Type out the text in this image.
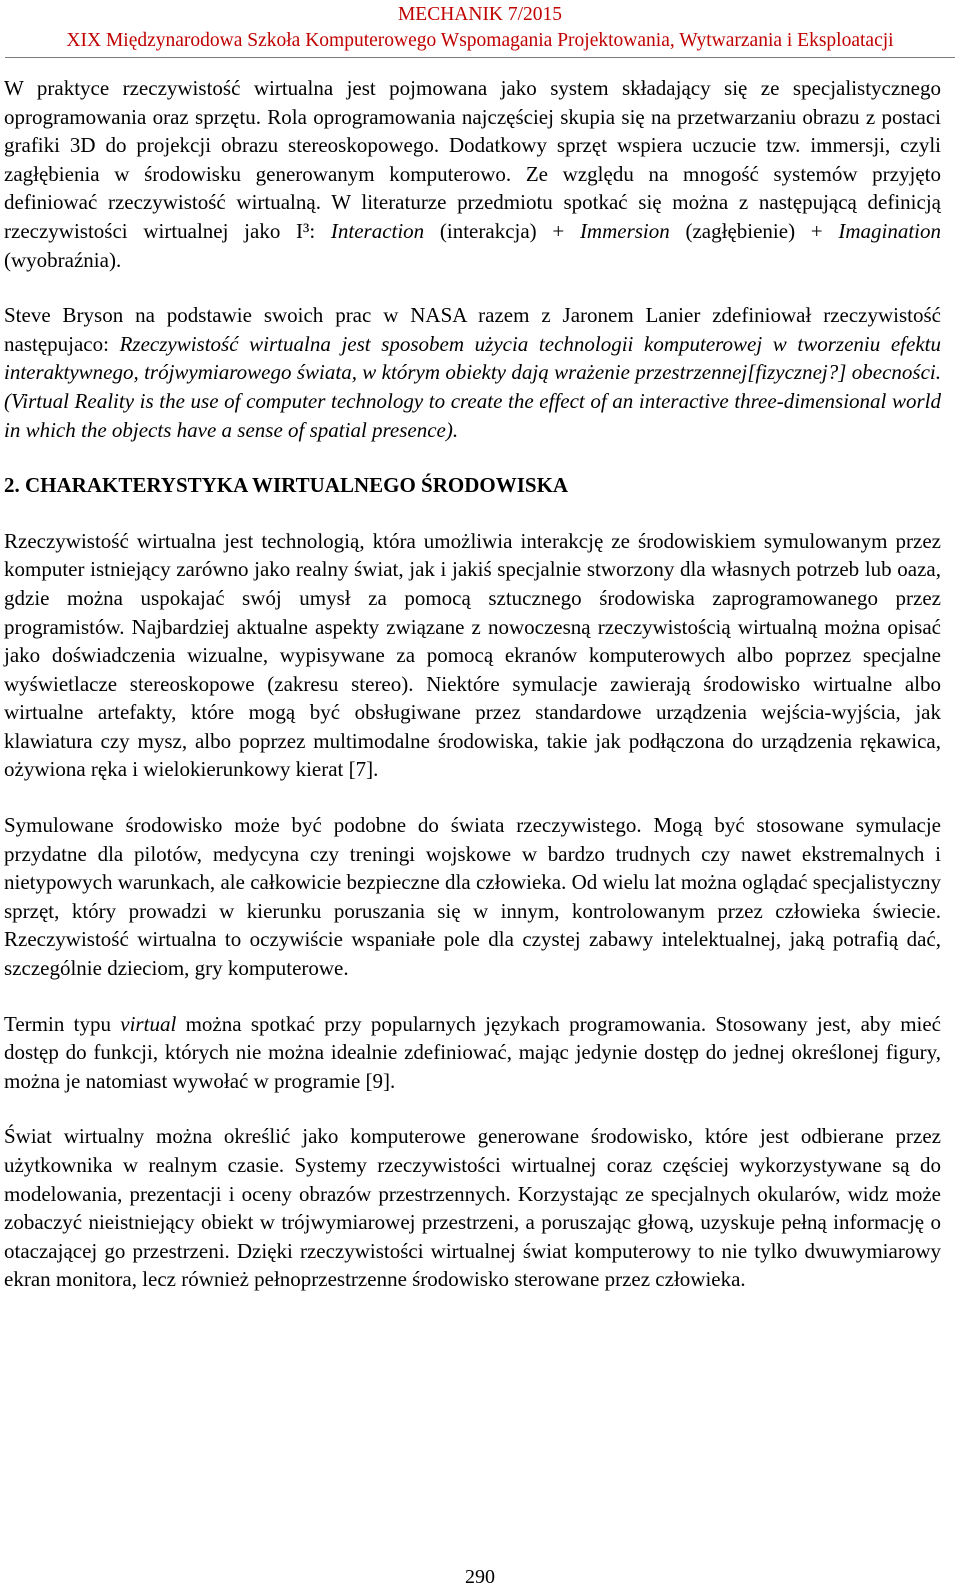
MECHANIK 7/2015
XIX Międzynarodowa Szkoła Komputerowego Wspomagania Projektowania, Wytwarzania i Eksploatacji

W praktyce rzeczywistość wirtualna jest pojmowana jako system składający się ze specjalistycznego oprogramowania oraz sprzętu. Rola oprogramowania najczęściej skupia się na przetwarzaniu obrazu z postaci grafiki 3D do projekcji obrazu stereoskopowego. Dodatkowy sprzęt wspiera uczucie tzw. immersji, czyli zagłębienia w środowisku generowanym komputerowo. Ze względu na mnogość systemów przyjęto definiować rzeczywistość wirtualną. W literaturze przedmiotu spotkać się można z następującą definicją rzeczywistości wirtualnej jako I³: Interaction (interakcja) + Immersion (zagłębienie) + Imagination (wyobraźnia).

Steve Bryson na podstawie swoich prac w NASA razem z Jaronem Lanier zdefiniował rzeczywistość następujaco: Rzeczywistość wirtualna jest sposobem użycia technologii komputerowej w tworzeniu efektu interaktywnego, trójwymiarowego świata, w którym obiekty dają wrażenie przestrzennej[fizycznej?] obecności. (Virtual Reality is the use of computer technology to create the effect of an interactive three-dimensional world in which the objects have a sense of spatial presence).

2. CHARAKTERYSTYKA WIRTUALNEGO ŚRODOWISKA

Rzeczywistość wirtualna jest technologią, która umożliwia interakcję ze środowiskiem symulowanym przez komputer istniejący zarówno jako realny świat, jak i jakiś specjalnie stworzony dla własnych potrzeb lub oaza, gdzie można uspokajać swój umysł za pomocą sztucznego środowiska zaprogramowanego przez programistów. Najbardziej aktualne aspekty związane z nowoczesną rzeczywistością wirtualną można opisać jako doświadczenia wizualne, wypisywane za pomocą ekranów komputerowych albo poprzez specjalne wyświetlacze stereoskopowe (zakresu stereo). Niektóre symulacje zawierają środowisko wirtualne albo wirtualne artefakty, które mogą być obsługiwane przez standardowe urządzenia wejścia-wyjścia, jak klawiatura czy mysz, albo poprzez multimodalne środowiska, takie jak podłączona do urządzenia rękawica, ożywiona ręka i wielokierunkowy kierat [7].

Symulowane środowisko może być podobne do świata rzeczywistego. Mogą być stosowane symulacje przydatne dla pilotów, medycyna czy treningi wojskowe w bardzo trudnych czy nawet ekstremalnych i nietypowych warunkach, ale całkowicie bezpieczne dla człowieka. Od wielu lat można oglądać specjalistyczny sprzęt, który prowadzi w kierunku poruszania się w innym, kontrolowanym przez człowieka świecie. Rzeczywistość wirtualna to oczywiście wspaniałe pole dla czystej zabawy intelektualnej, jaką potrafią dać, szczególnie dzieciom, gry komputerowe.

Termin typu virtual można spotkać przy popularnych językach programowania. Stosowany jest, aby mieć dostęp do funkcji, których nie można idealnie zdefiniować, mając jedynie dostęp do jednej określonej figury, można je natomiast wywołać w programie [9].

Świat wirtualny można określić jako komputerowe generowane środowisko, które jest odbierane przez użytkownika w realnym czasie. Systemy rzeczywistości wirtualnej coraz częściej wykorzystywane są do modelowania, prezentacji i oceny obrazów przestrzennych. Korzystając ze specjalnych okularów, widz może zobaczyć nieistniejący obiekt w trójwymiarowej przestrzeni, a poruszając głową, uzyskuje pełną informację o otaczającej go przestrzeni. Dzięki rzeczywistości wirtualnej świat komputerowy to nie tylko dwuwymiarowy ekran monitora, lecz również pełnoprzestrzenne środowisko sterowane przez człowieka.

290
